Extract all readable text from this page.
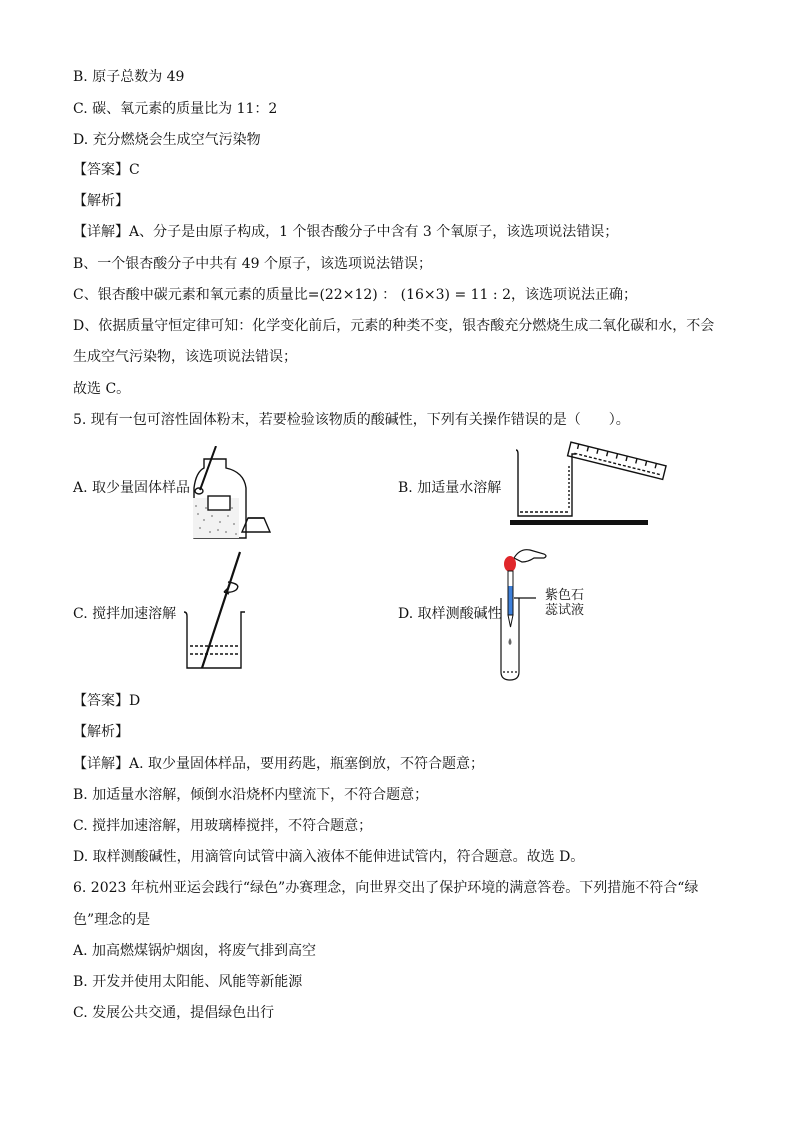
B. 原子总数为 49
C. 碳、氧元素的质量比为 11：2
D. 充分燃烧会生成空气污染物
【答案】C
【解析】
【详解】A、分子是由原子构成，1 个银杏酸分子中含有 3 个氧原子，该选项说法错误；
B、一个银杏酸分子中共有 49 个原子，该选项说法错误；
C、银杏酸中碳元素和氧元素的质量比=(22×12) ： (16×3) = 11 : 2，该选项说法正确；
D、依据质量守恒定律可知：化学变化前后，元素的种类不变，银杏酸充分燃烧生成二氧化碳和水，不会
生成空气污染物，该选项说法错误；
故选 C。
5. 现有一包可溶性固体粉末，若要检验该物质的酸碱性，下列有关操作错误的是（　　）。
A. 取少量固体样品	B. 加适量水溶解
C. 搅拌加速溶解	D. 取样测酸碱性
紫色石
蕊试液
【答案】D
【解析】
【详解】A. 取少量固体样品，要用药匙，瓶塞倒放，不符合题意；
B. 加适量水溶解，倾倒水沿烧杯内壁流下，不符合题意；
C. 搅拌加速溶解，用玻璃棒搅拌，不符合题意；
D. 取样测酸碱性，用滴管向试管中滴入液体不能伸进试管内，符合题意。故选 D。
6. 2023 年杭州亚运会践行“绿色”办赛理念，向世界交出了保护环境的满意答卷。下列措施不符合“绿
色”理念的是
A. 加高燃煤锅炉烟囱，将废气排到高空
B. 开发并使用太阳能、风能等新能源
C. 发展公共交通，提倡绿色出行
